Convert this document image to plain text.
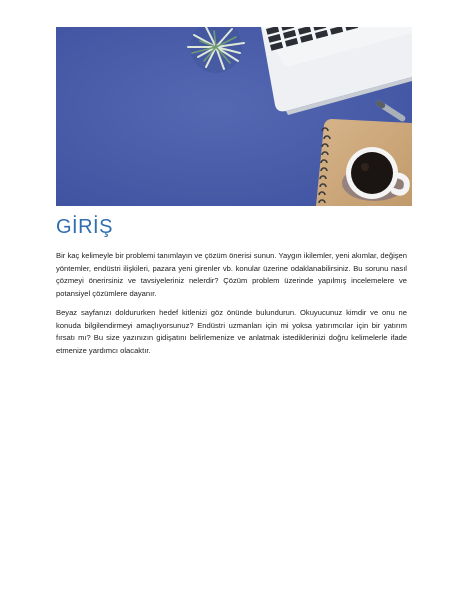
GİRİŞ

Bir kaç kelimeyle bir problemi tanımlayın ve çözüm önerisi sunun. Yaygın ikilemler, yeni akımlar, değişen yöntemler, endüstri ilişkileri, pazara yeni girenler vb. konular üzerine odaklanabilirsiniz. Bu sorunu nasıl çözmeyi önerirsiniz ve tavsiyeleriniz nelerdir? Çözüm problem üzerinde yapılmış incelemelere ve potansiyel çözümlere dayanır.

Beyaz sayfanızı doldururken hedef kitlenizi göz önünde bulundurun. Okuyucunuz kimdir ve onu ne konuda bilgilendirmeyi amaçlıyorsunuz? Endüstri uzmanları için mi yoksa yatırımcılar için bir yatırım fırsatı mı? Bu size yazınızın gidişatını belirlemenize ve anlatmak istediklerinizi doğru kelimelerle ifade etmenize yardımcı olacaktır.
